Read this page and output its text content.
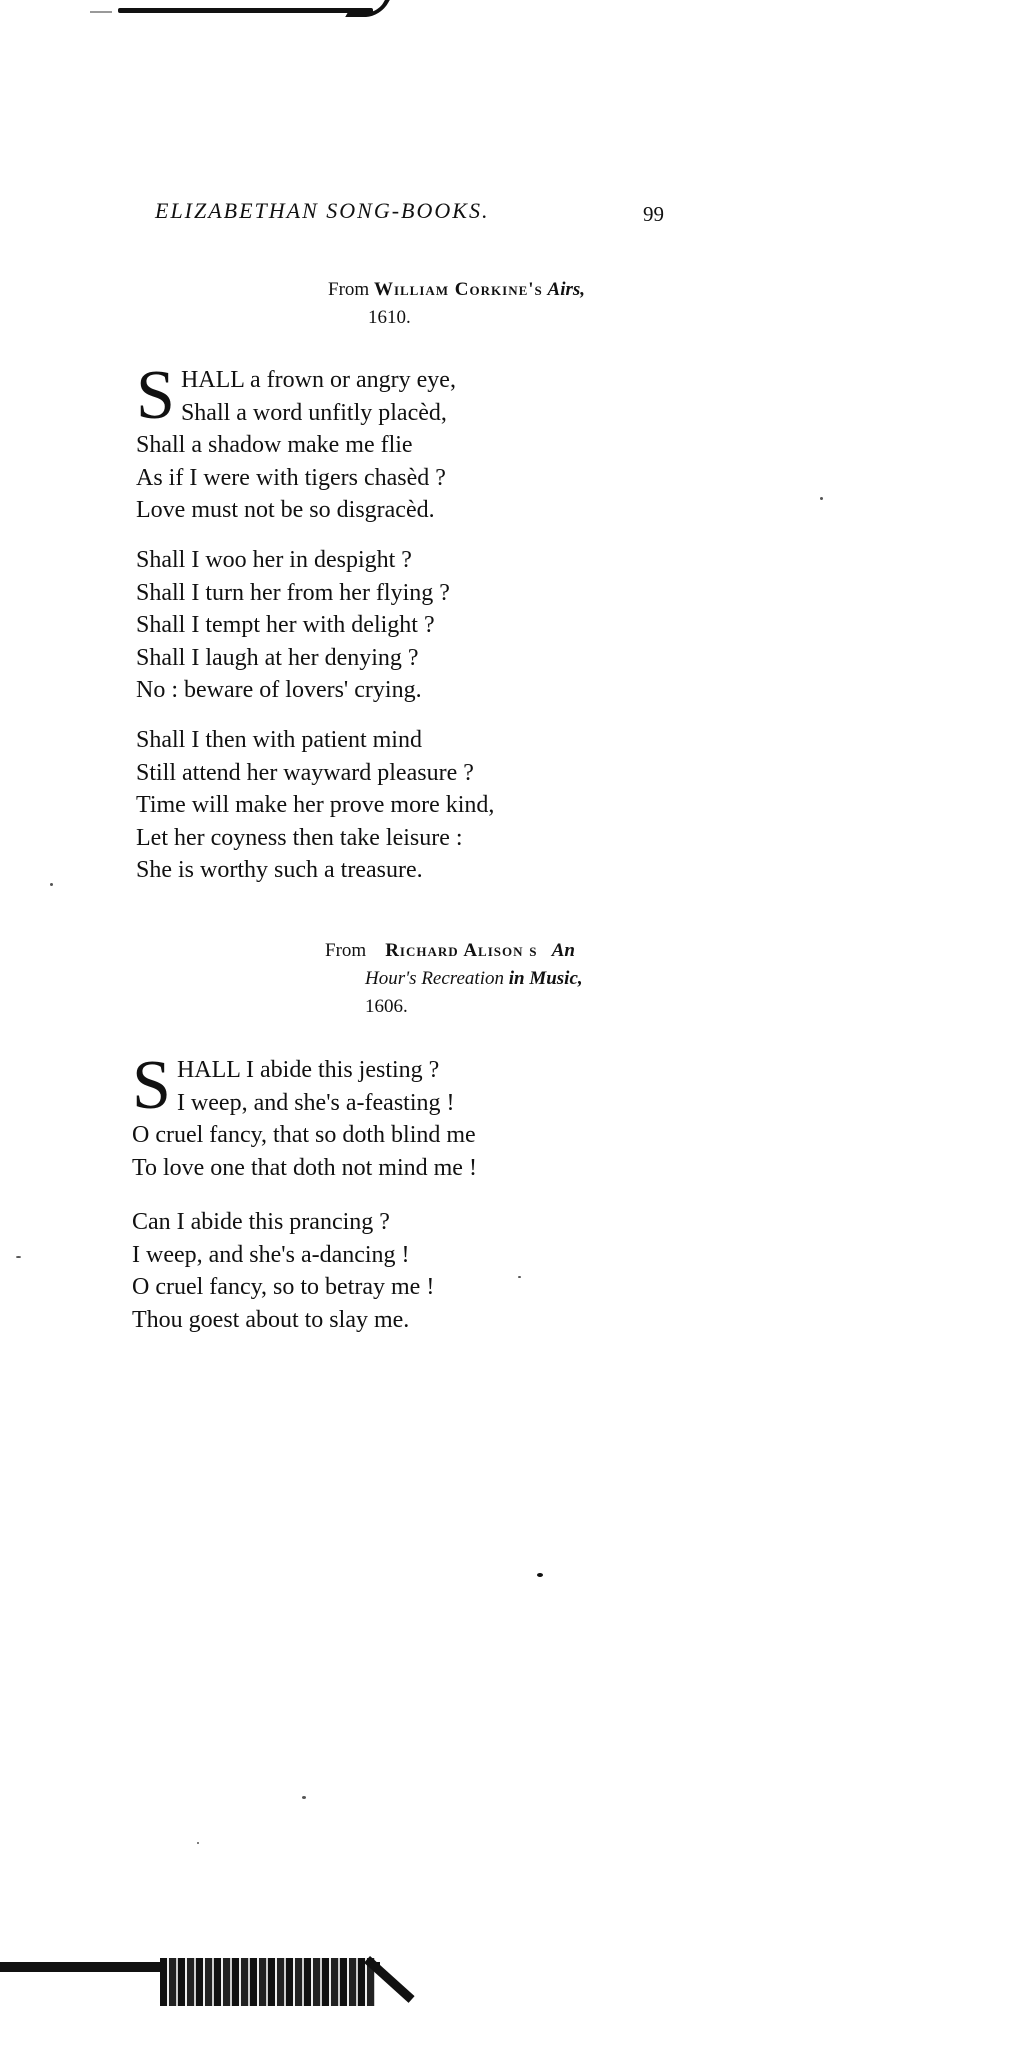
ELIZABETHAN SONG-BOOKS.	99
From William Corkine's Airs,
1610.
S HALL a frown or angry eye,
Shall a word unfitly placèd,
Shall a shadow make me flie
As if I were with tigers chasèd ?
Love must not be so disgracèd.
Shall I woo her in despight ?
Shall I turn her from her flying ?
Shall I tempt her with delight ?
Shall I laugh at her denying ?
No : beware of lovers' crying.
Shall I then with patient mind
Still attend her wayward pleasure ?
Time will make her prove more kind,
Let her coyness then take leisure :
She is worthy such a treasure.
From Richard Alison s An
Hour's Recreation in Music,
1606.
S HALL I abide this jesting ?
I weep, and she's a-feasting !
O cruel fancy, that so doth blind me
To love one that doth not mind me !
Can I abide this prancing ?
I weep, and she's a-dancing !
O cruel fancy, so to betray me !
Thou goest about to slay me.
